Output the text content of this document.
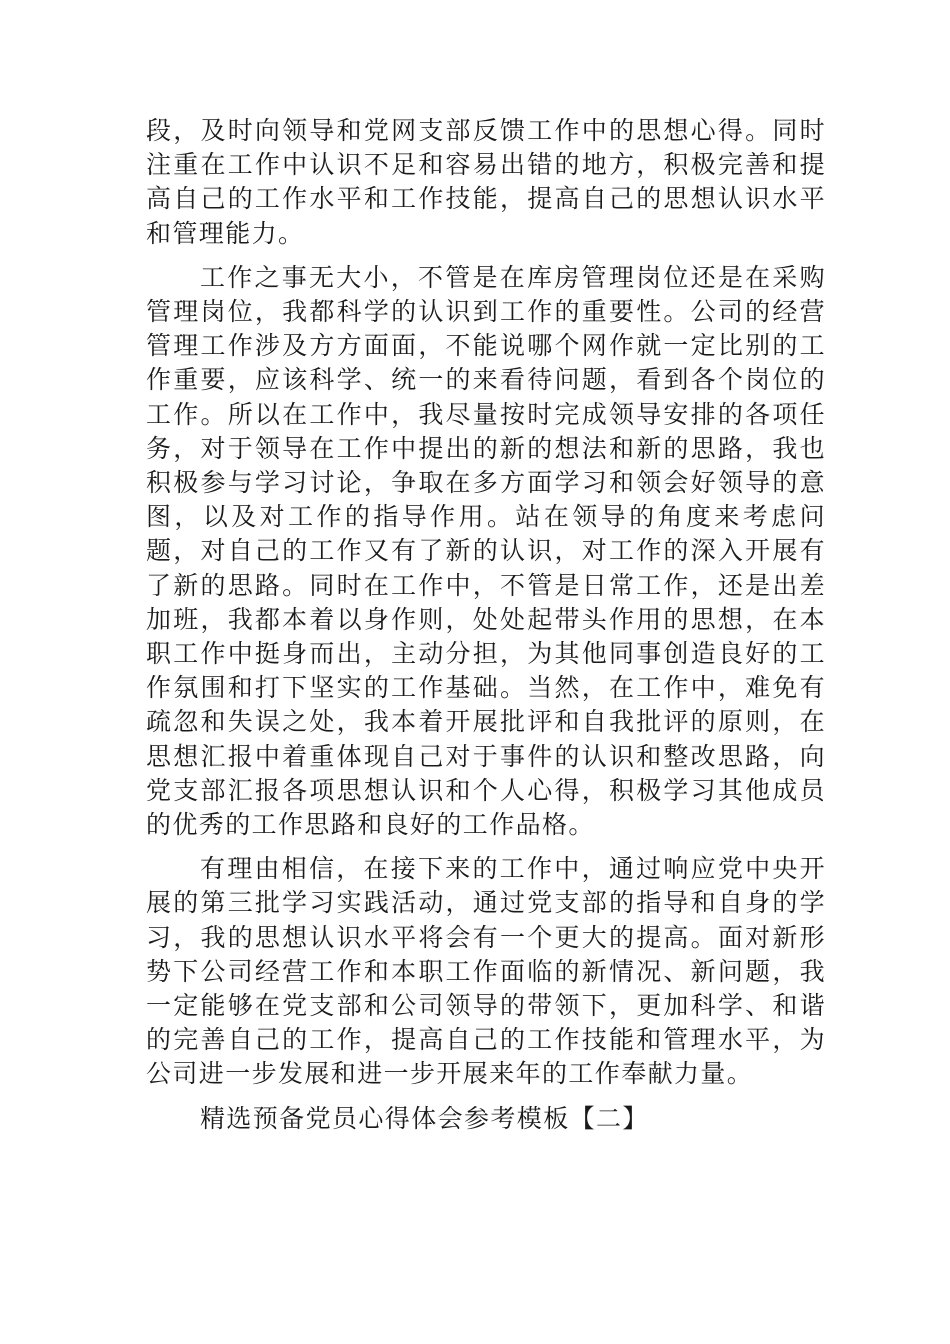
段，及时向领导和党网支部反馈工作中的思想心得。同时注重在工作中认识不足和容易出错的地方，积极完善和提高自己的工作水平和工作技能，提高自己的思想认识水平和管理能力。

工作之事无大小，不管是在库房管理岗位还是在采购管理岗位，我都科学的认识到工作的重要性。公司的经营管理工作涉及方方面面，不能说哪个网作就一定比别的工作重要，应该科学、统一的来看待问题，看到各个岗位的工作。所以在工作中，我尽量按时完成领导安排的各项任务，对于领导在工作中提出的新的想法和新的思路，我也积极参与学习讨论，争取在多方面学习和领会好领导的意图，以及对工作的指导作用。站在领导的角度来考虑问题，对自己的工作又有了新的认识，对工作的深入开展有了新的思路。同时在工作中，不管是日常工作，还是出差加班，我都本着以身作则，处处起带头作用的思想，在本职工作中挺身而出，主动分担，为其他同事创造良好的工作氛围和打下坚实的工作基础。当然，在工作中，难免有疏忽和失误之处，我本着开展批评和自我批评的原则，在思想汇报中着重体现自己对于事件的认识和整改思路，向党支部汇报各项思想认识和个人心得，积极学习其他成员的优秀的工作思路和良好的工作品格。

有理由相信，在接下来的工作中，通过响应党中央开展的第三批学习实践活动，通过党支部的指导和自身的学习，我的思想认识水平将会有一个更大的提高。面对新形势下公司经营工作和本职工作面临的新情况、新问题，我一定能够在党支部和公司领导的带领下，更加科学、和谐的完善自己的工作，提高自己的工作技能和管理水平，为公司进一步发展和进一步开展来年的工作奉献力量。

精选预备党员心得体会参考模板【二】
